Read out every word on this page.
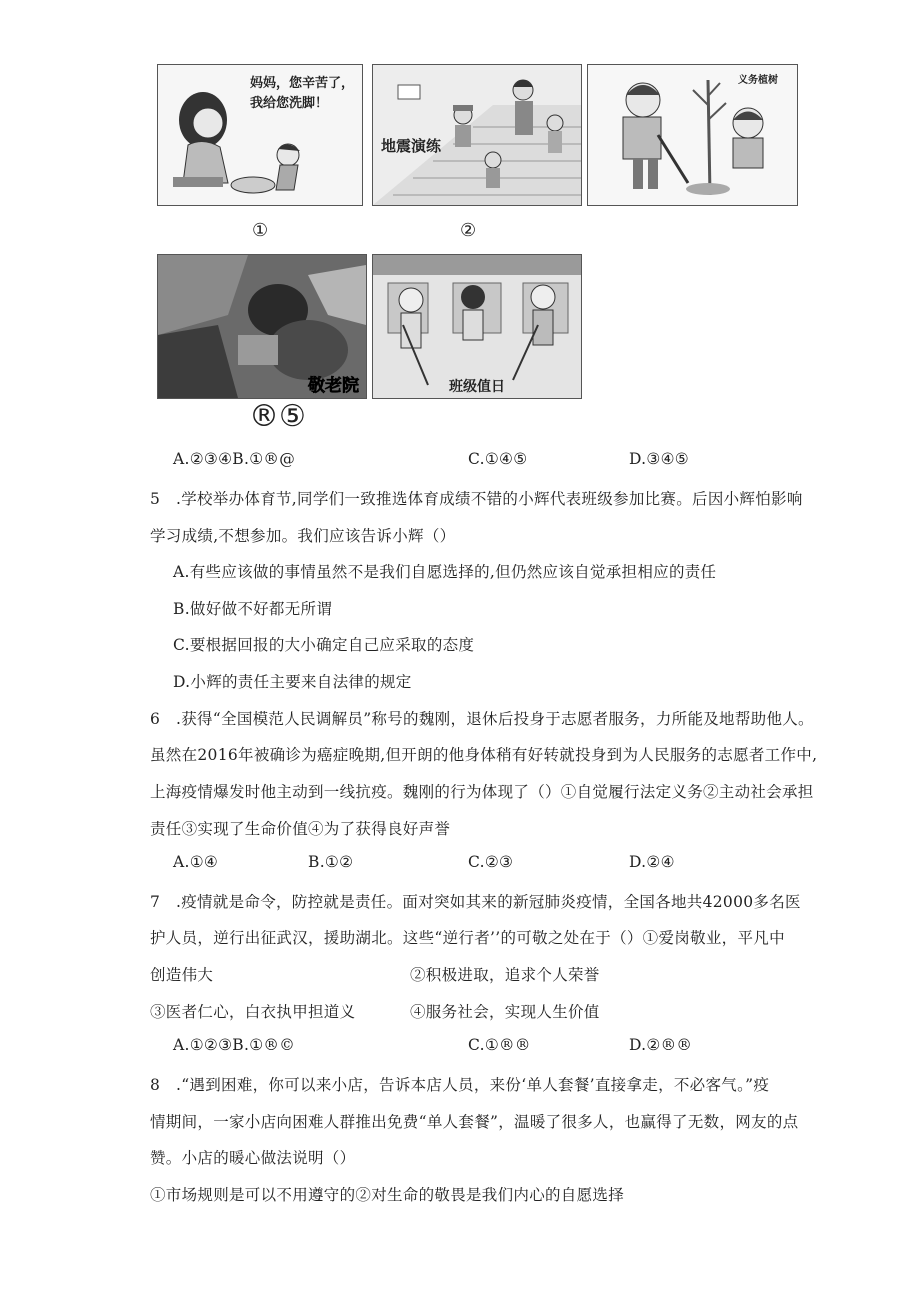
妈妈，您辛苦了，
我给您洗脚！
地震演练
义务植树
①	②
敬老院	班级值日
®⑤
A.②③④B.①®@	C.①④⑤	D.③④⑤
5　.学校举办体育节,同学们一致推选体育成绩不错的小辉代表班级参加比赛。后因小辉怕影响
学习成绩,不想参加。我们应该告诉小辉（）
A.有些应该做的事情虽然不是我们自愿选择的,但仍然应该自觉承担相应的责任
B.做好做不好都无所谓
C.要根据回报的大小确定自己应采取的态度
D.小辉的责任主要来自法律的规定
6　.获得“全国模范人民调解员”称号的魏刚，退休后投身于志愿者服务，力所能及地帮助他人。
虽然在2016年被确诊为癌症晚期,但开朗的他身体稍有好转就投身到为人民服务的志愿者工作中,
上海疫情爆发时他主动到一线抗疫。魏刚的行为体现了（）①自觉履行法定义务②主动社会承担
责任③实现了生命价值④为了获得良好声誉
A.①④	B.①②	C.②③	D.②④
7　.疫情就是命令，防控就是责任。面对突如其来的新冠肺炎疫情，全国各地共42000多名医
护人员，逆行出征武汉，援助湖北。这些“逆行者’’的可敬之处在于（）①爱岗敬业，平凡中
创造伟大	②积极进取，追求个人荣誉
③医者仁心，白衣执甲担道义	④服务社会，实现人生价值
A.①②③B.①®©	C.①®®	D.②®®
8　.“遇到困难，你可以来小店，告诉本店人员，来份‘单人套餐’直接拿走，不必客气。”疫
情期间，一家小店向困难人群推出免费“单人套餐”，温暖了很多人，也赢得了无数，网友的点
赞。小店的暖心做法说明（）
①市场规则是可以不用遵守的②对生命的敬畏是我们内心的自愿选择
